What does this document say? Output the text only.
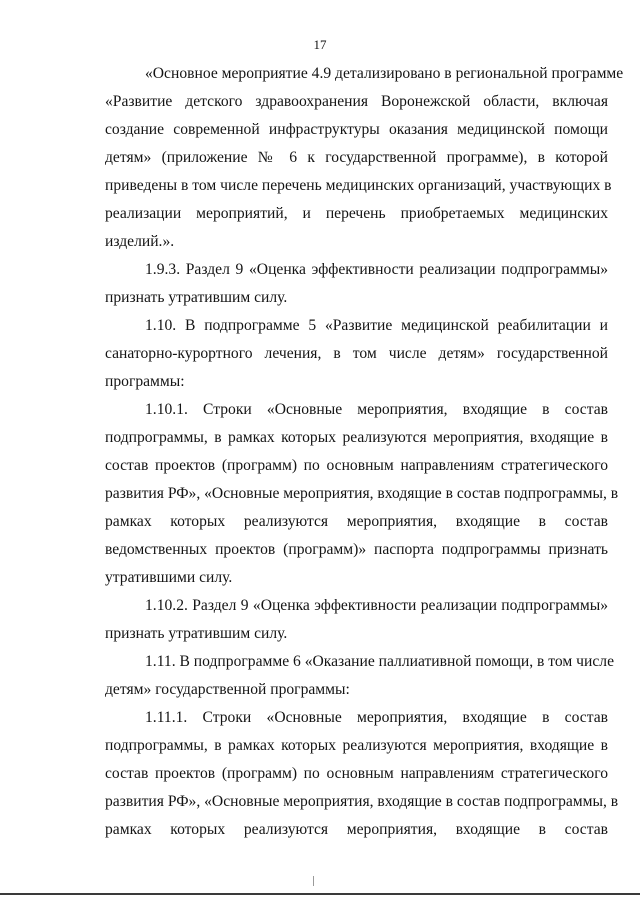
17
«Основное мероприятие 4.9 детализировано в региональной программе
«Развитие детского здравоохранения Воронежской области, включая
создание современной инфраструктуры оказания медицинской помощи
детям» (приложение № 6 к государственной программе), в которой
приведены в том числе перечень медицинских организаций, участвующих в
реализации мероприятий, и перечень приобретаемых медицинских
изделий.».
1.9.3. Раздел 9 «Оценка эффективности реализации подпрограммы»
признать утратившим силу.
1.10. В подпрограмме 5 «Развитие медицинской реабилитации и
санаторно-курортного лечения, в том числе детям» государственной
программы:
1.10.1. Строки «Основные мероприятия, входящие в состав
подпрограммы, в рамках которых реализуются мероприятия, входящие в
состав проектов (программ) по основным направлениям стратегического
развития РФ», «Основные мероприятия, входящие в состав подпрограммы, в
рамках которых реализуются мероприятия, входящие в состав
ведомственных проектов (программ)» паспорта подпрограммы признать
утратившими силу.
1.10.2. Раздел 9 «Оценка эффективности реализации подпрограммы»
признать утратившим силу.
1.11. В подпрограмме 6 «Оказание паллиативной помощи, в том числе
детям» государственной программы:
1.11.1. Строки «Основные мероприятия, входящие в состав
подпрограммы, в рамках которых реализуются мероприятия, входящие в
состав проектов (программ) по основным направлениям стратегического
развития РФ», «Основные мероприятия, входящие в состав подпрограммы, в
рамках которых реализуются мероприятия, входящие в состав
